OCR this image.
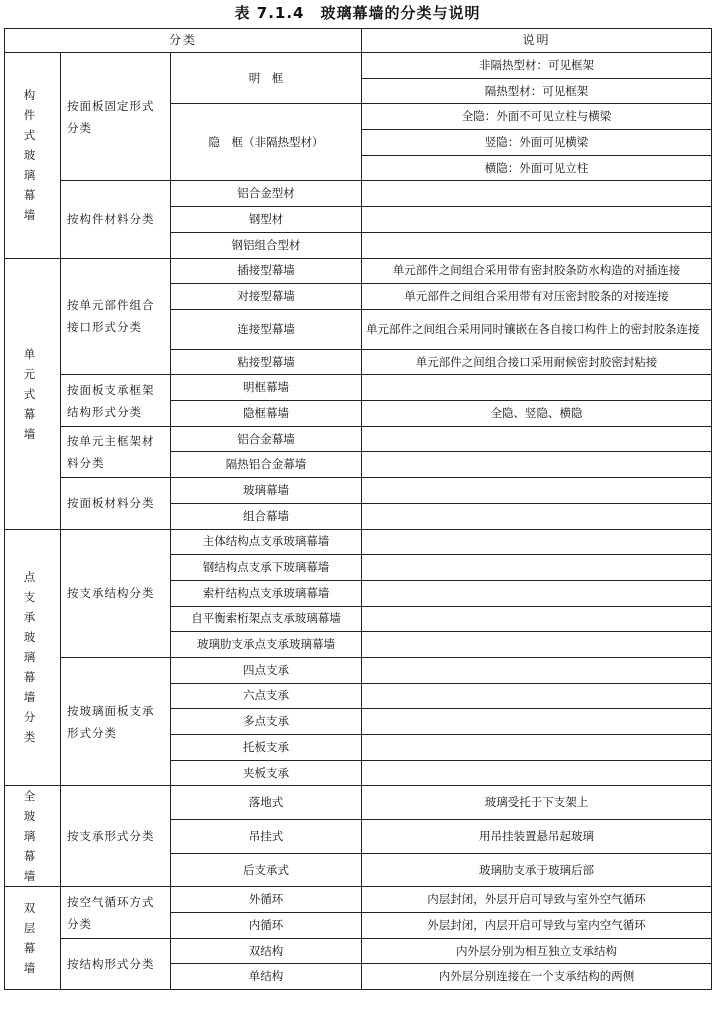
表 7.1.4　玻璃幕墙的分类与说明
分类			说明
构 件 式 玻 璃 幕 墙	按面板固定形式分类	明　框	非隔热型材：可见框架
			隔热型材：可见框架
		隐　框（非隔热型材）	全隐：外面不可见立柱与横梁
			竖隐：外面可见横梁
			横隐：外面可见立柱
	按构件材料分类	铝合金型材	
		钢型材	
		钢铝组合型材	
单 元 式 幕 墙	按单元部件组合接口形式分类	插接型幕墙	单元部件之间组合采用带有密封胶条防水构造的对插连接
		对接型幕墙	单元部件之间组合采用带有对压密封胶条的对接连接
		连接型幕墙	单元部件之间组合采用同时镶嵌在各自接口构件上的密封胶条连接
		粘接型幕墙	单元部件之间组合接口采用耐候密封胶密封粘接
	按面板支承框架结构形式分类	明框幕墙	
		隐框幕墙	全隐、竖隐、横隐
	按单元主框架材料分类	铝合金幕墙	
		隔热铝合金幕墙	
	按面板材料分类	玻璃幕墙	
		组合幕墙	
点 支 承 玻 璃 幕 墙 分 类	按支承结构分类	主体结构点支承玻璃幕墙	
		钢结构点支承下玻璃幕墙	
		索杆结构点支承玻璃幕墙	
		自平衡索桁架点支承玻璃幕墙	
		玻璃肋支承点支承玻璃幕墙	
	按玻璃面板支承形式分类	四点支承	
		六点支承	
		多点支承	
		托板支承	
		夹板支承	
全 玻 璃 幕 墙	按支承形式分类	落地式	玻璃受托于下支架上
		吊挂式	用吊挂装置悬吊起玻璃
		后支承式	玻璃肋支承于玻璃后部
双 层 幕 墙	按空气循环方式分类	外循环	内层封闭，外层开启可导致与室外空气循环
		内循环	外层封闭，内层开启可导致与室内空气循环
	按结构形式分类	双结构	内外层分别为相互独立支承结构
		单结构	内外层分别连接在一个支承结构的两侧
